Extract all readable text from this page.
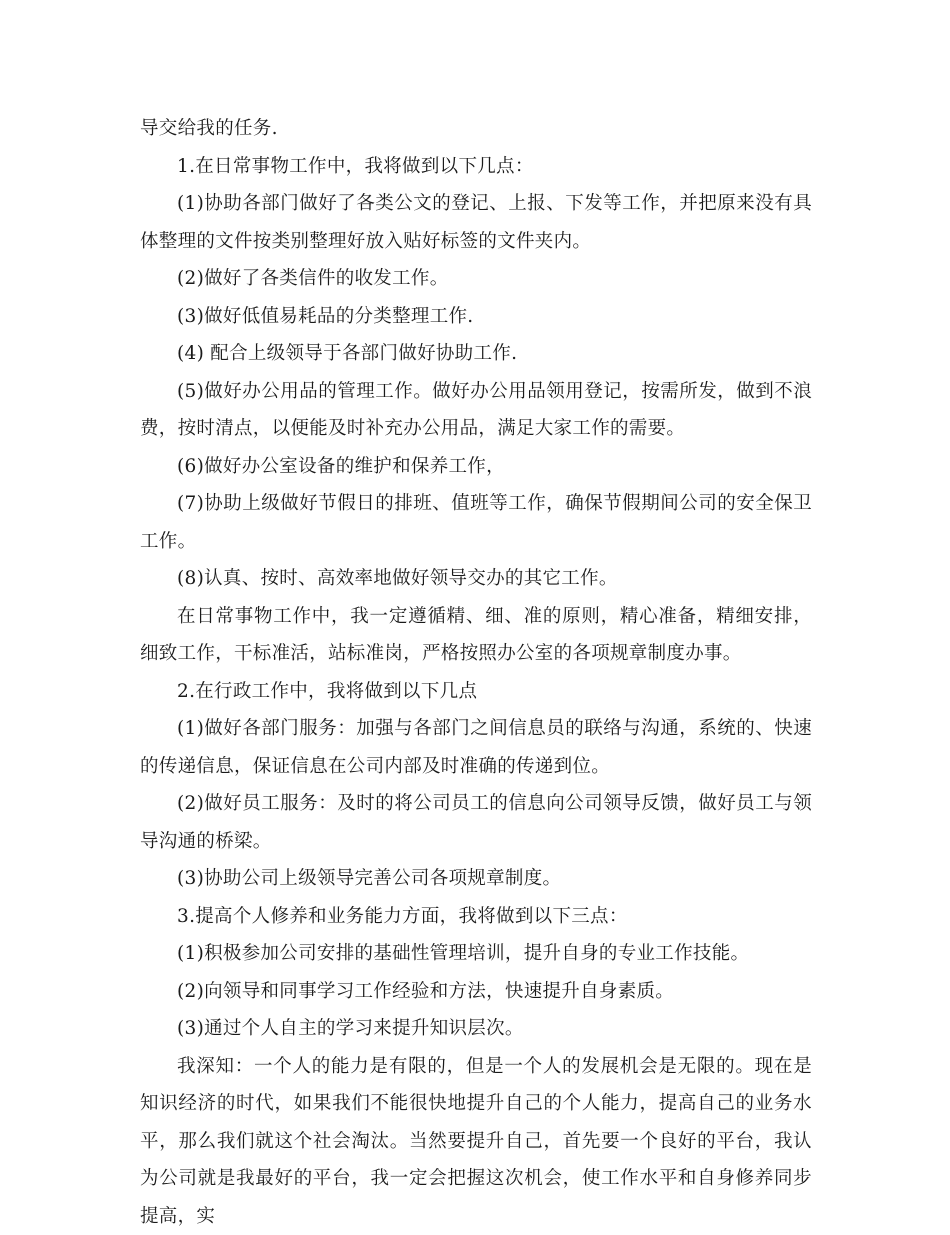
导交给我的任务.

1.在日常事物工作中，我将做到以下几点：

(1)协助各部门做好了各类公文的登记、上报、下发等工作，并把原来没有具体整理的文件按类别整理好放入贴好标签的文件夹内。

(2)做好了各类信件的收发工作。

(3)做好低值易耗品的分类整理工作.

(4) 配合上级领导于各部门做好协助工作.

(5)做好办公用品的管理工作。做好办公用品领用登记，按需所发，做到不浪费，按时清点，以便能及时补充办公用品，满足大家工作的需要。

(6)做好办公室设备的维护和保养工作，

(7)协助上级做好节假日的排班、值班等工作，确保节假期间公司的安全保卫工作。

(8)认真、按时、高效率地做好领导交办的其它工作。

在日常事物工作中，我一定遵循精、细、准的原则，精心准备，精细安排，细致工作，干标准活，站标准岗，严格按照办公室的各项规章制度办事。

2.在行政工作中，我将做到以下几点

(1)做好各部门服务：加强与各部门之间信息员的联络与沟通，系统的、快速的传递信息，保证信息在公司内部及时准确的传递到位。

(2)做好员工服务：及时的将公司员工的信息向公司领导反馈，做好员工与领导沟通的桥梁。

(3)协助公司上级领导完善公司各项规章制度。

3.提高个人修养和业务能力方面，我将做到以下三点：

(1)积极参加公司安排的基础性管理培训，提升自身的专业工作技能。

(2)向领导和同事学习工作经验和方法，快速提升自身素质。

(3)通过个人自主的学习来提升知识层次。

我深知：一个人的能力是有限的，但是一个人的发展机会是无限的。现在是知识经济的时代，如果我们不能很快地提升自己的个人能力，提高自己的业务水平，那么我们就这个社会淘汰。当然要提升自己，首先要一个良好的平台，我认为公司就是我最好的平台，我一定会把握这次机会，使工作水平和自身修养同步提高，实
